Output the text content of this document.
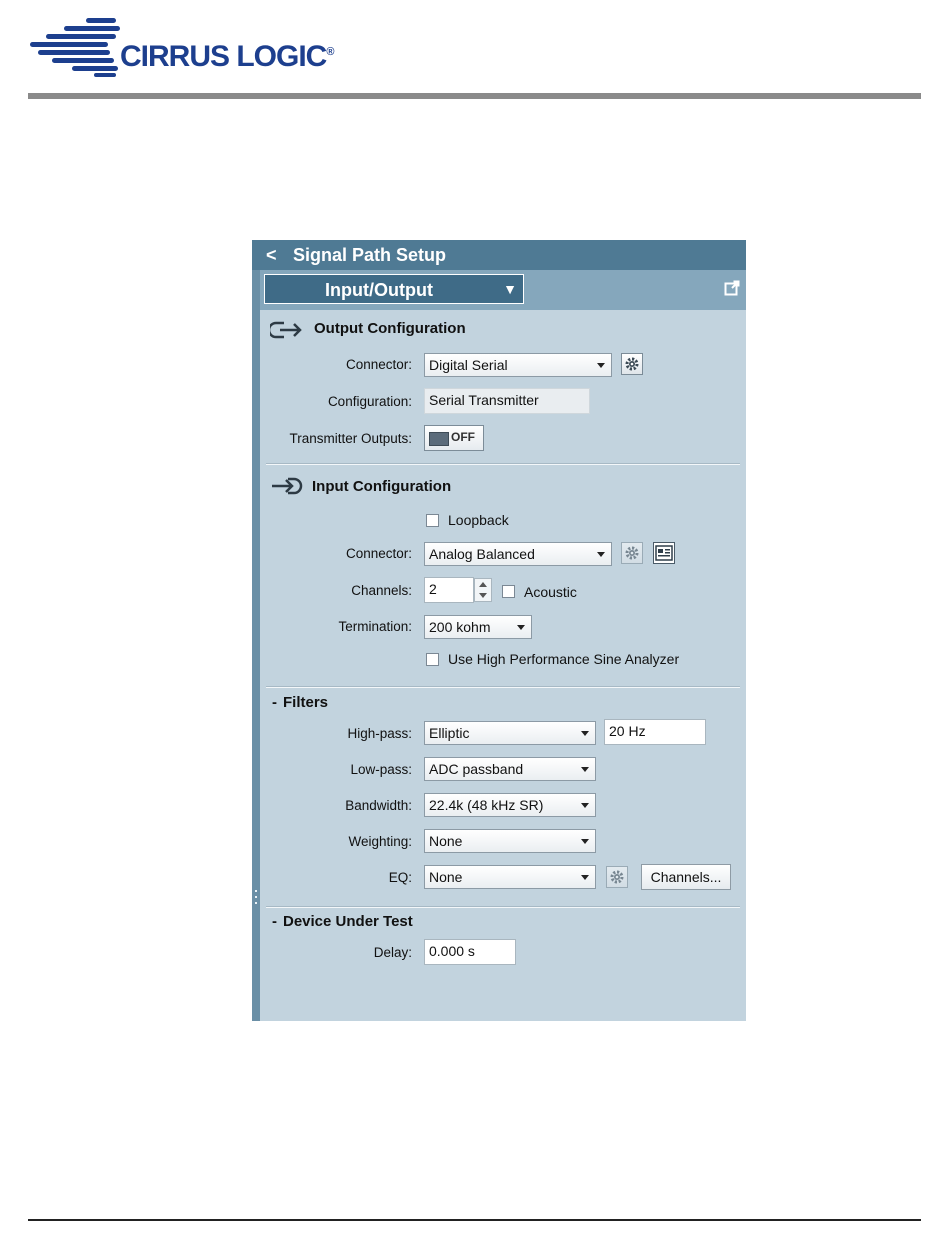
CIRRUS LOGIC®
< Signal Path Setup
Input/Output	▼
Output Configuration
Connector: Digital Serial
Configuration: Serial Transmitter
Transmitter Outputs:	OFF
Input Configuration
Loopback
Connector: Analog Balanced
Channels: 2	Acoustic
Termination: 200 kohm
Use High Performance Sine Analyzer
- Filters
High-pass: Elliptic	20 Hz
Low-pass: ADC passband
Bandwidth: 22.4k (48 kHz SR)
Weighting: None
EQ: None	Channels...
- Device Under Test
Delay: 0.000 s
